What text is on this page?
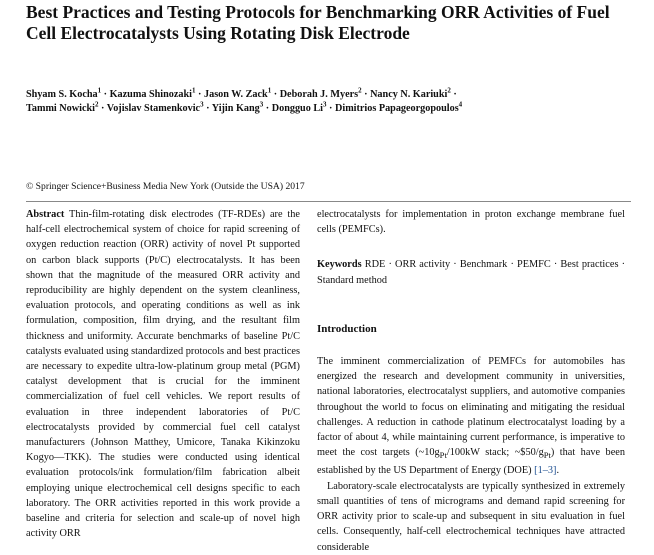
Best Practices and Testing Protocols for Benchmarking ORR Activities of Fuel Cell Electrocatalysts Using Rotating Disk Electrode
Shyam S. Kocha$^1$ · Kazuma Shinozaki$^1$ · Jason W. Zack$^1$ · Deborah J. Myers$^2$ · Nancy N. Kariuki$^2$ · Tammi Nowicki$^2$ · Vojislav Stamenkovic$^3$ · Yijin Kang$^3$ · Dongguo $Li^3$ · Dimitrios Papageorgopoulos$^4$
© Springer Science+Business Media New York (Outside the USA) 2017

Abstract Thin-film-rotating disk electrodes (TF-RDEs) are the half-cell electrochemical system of choice for rapid screening of oxygen reduction reaction (ORR) activity of novel Pt supported on carbon black supports (Pt/C) electrocatalysts. It has been shown that the magnitude of the measured ORR activity and reproducibility are highly dependent on the system cleanliness, evaluation protocols, and operating conditions as well as ink formulation, composition, film drying, and the resultant film thickness and uniformity. Accurate benchmarks of baseline Pt/C catalysts evaluated using standardized protocols and best practices are necessary to expedite ultra-low-platinum group metal (PGM) catalyst development that is crucial for the imminent commercialization of fuel cell vehicles. We report results of evaluation in three independent laboratories of Pt/C electrocatalysts provided by commercial fuel cell catalyst manufacturers (Johnson Matthey, Umicore, Tanaka Kikinzoku Kogyo—TKK). The studies were conducted using identical evaluation protocols/ink formulation/film fabrication albeit employing unique electrochemical cell designs specific to each laboratory. The ORR activities reported in this work provide a baseline and criteria for selection and scale-up of novel high activity ORR

electrocatalysts for implementation in proton exchange membrane fuel cells (PEMFCs).

Keywords RDE · ORR activity · Benchmark · PEMFC · Best practices · Standard method

Introduction

The imminent commercialization of PEMFCs for automobiles has energized the research and development community in universities, national laboratories, electrocatalyst suppliers, and automotive companies throughout the world to focus on eliminating and mitigating the residual challenges. A reduction in cathode platinum electrocatalyst loading by a factor of about 4, while maintaining current performance, is imperative to meet the cost targets ($\sim 10g_{Pt}/100kW$ stack; $\sim\$50/g_{Pt}$) that have been established by the US Department of Energy (DOE) [1–3].

Laboratory-scale electrocatalysts are typically synthesized in extremely small quantities of tens of micrograms and demand rapid screening for ORR activity prior to scale-up and subsequent in situ evaluation in fuel cells. Consequently, half-cell electrochemical techniques have attracted considerable
